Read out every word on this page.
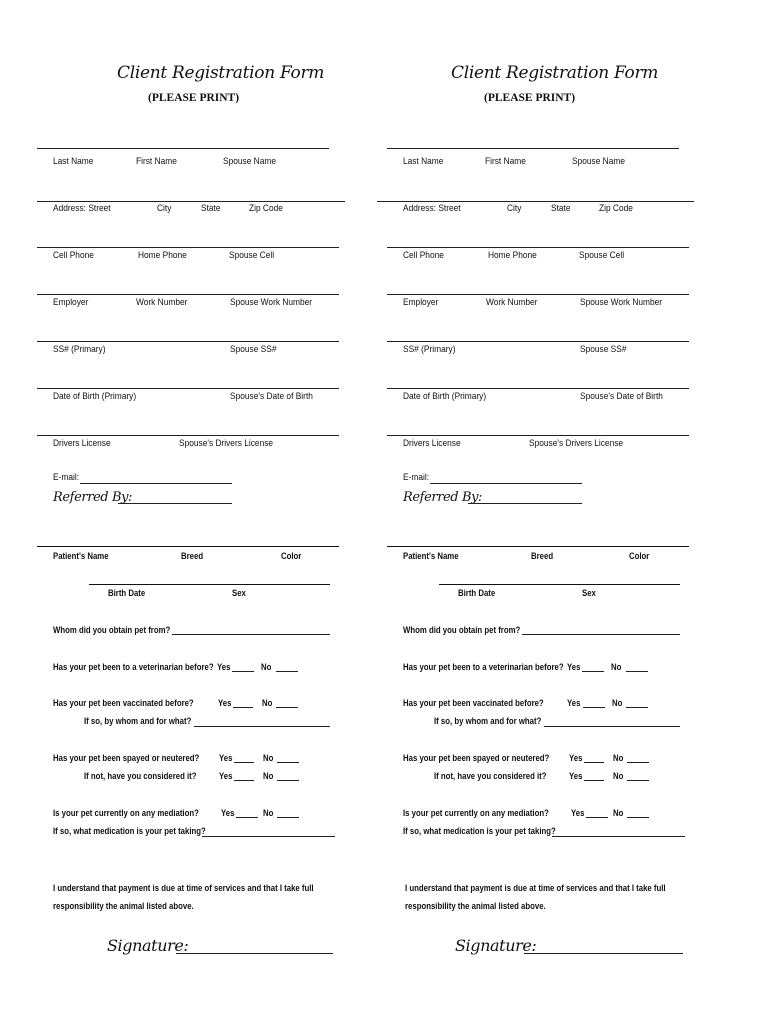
Client Registration Form
(PLEASE PRINT)
Last Name	First Name	Spouse Name
Address: Street	City	State	Zip Code
Cell Phone	Home Phone	Spouse Cell
Employer	Work Number	Spouse Work Number
SS# (Primary)	Spouse SS#
Date of Birth (Primary)	Spouse's Date of Birth
Drivers License	Spouse's Drivers License
E-mail:
Referred By:
Patient's Name	Breed	Color
Birth Date	Sex
Whom did you obtain pet from?
Has your pet been to a veterinarian before? Yes	No
Has your pet been vaccinated before?	Yes	No
If so, by whom and for what?
Has your pet been spayed or neutered? Yes	No
If not, have you considered it? Yes	No
Is your pet currently on any mediation? Yes	No
If so, what medication is your pet taking?
I understand that payment is due at time of services and that I take full
responsibility the animal listed above.
Signature:
Client Registration Form
(PLEASE PRINT)
Last Name	First Name	Spouse Name
Address: Street	City	State	Zip Code
Cell Phone	Home Phone	Spouse Cell
Employer	Work Number	Spouse Work Number
SS# (Primary)	Spouse SS#
Date of Birth (Primary)	Spouse's Date of Birth
Drivers License	Spouse's Drivers License
E-mail:
Referred By:
Patient's Name	Breed	Color
Birth Date	Sex
Whom did you obtain pet from?
Has your pet been to a veterinarian before? Yes	No
Has your pet been vaccinated before? Yes	No
If so, by whom and for what?
Has your pet been spayed or neutered? Yes	No
If not, have you considered it? Yes	No
Is your pet currently on any mediation? Yes	No
If so, what medication is your pet taking?
I understand that payment is due at time of services and that I take full
responsibility the animal listed above.
Signature:
